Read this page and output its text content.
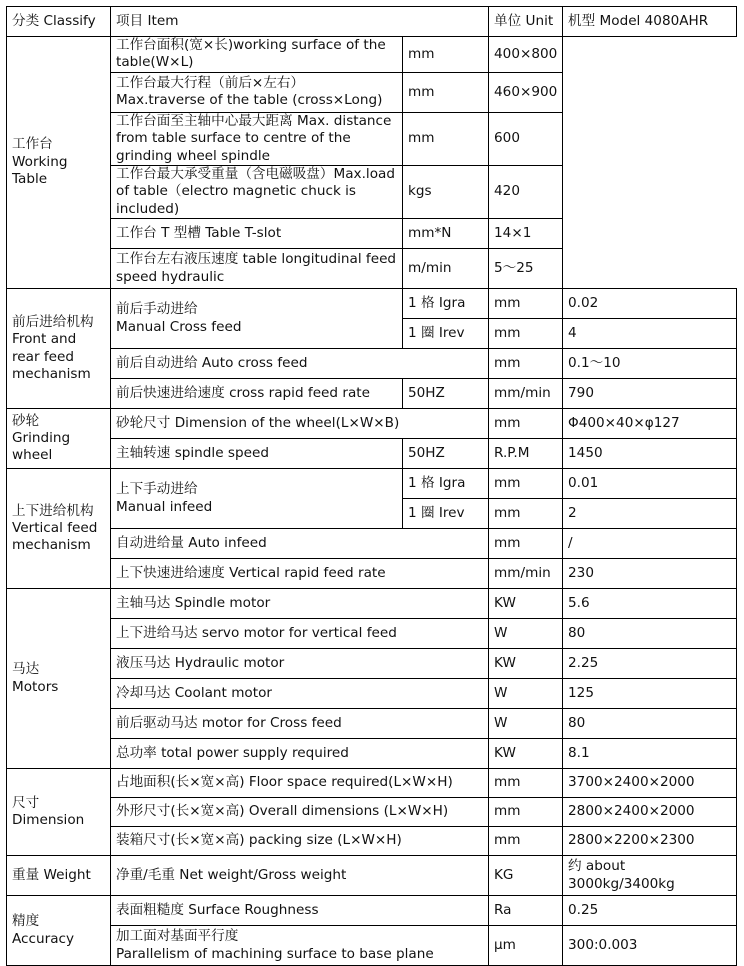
分类 Classify	项目 Item		单位 Unit	机型 Model 4080AHR

工作台
Working
Table	工作台面积(宽×长)working surface of the table(W×L)	mm	400×800	
	工作台最大行程（前后×左右）
Max.traverse of the table (cross×Long)	mm	460×900	
	工作台面至主轴中心最大距离 Max. distance from table surface to centre of the grinding wheel spindle	mm	600	
	工作台最大承受重量（含电磁吸盘）Max.load of table（electro magnetic chuck is included)	kgs	420	
	工作台 T 型槽 Table T-slot	mm*N	14×1	
	工作台左右液压速度 table longitudinal feed speed hydraulic	m/min	5～25	

前后进给机构
Front and
rear feed
mechanism	前后手动进给
Manual Cross feed	1 格 Igra	mm	0.02
		1 圈 Irev	mm	4
	前后自动进给 Auto cross feed		mm	0.1～10
	前后快速进给速度 cross rapid feed rate	50HZ	mm/min	790

砂轮
Grinding
wheel	砂轮尺寸 Dimension of the wheel(L×W×B)		mm	Φ400×40×φ127
	主轴转速 spindle speed	50HZ	R.P.M	1450

上下进给机构
Vertical feed
mechanism	上下手动进给
Manual infeed	1 格 Igra	mm	0.01
		1 圈 Irev	mm	2
	自动进给量 Auto infeed		mm	/
	上下快速进给速度 Vertical rapid feed rate		mm/min	230

马达
Motors	主轴马达 Spindle motor		KW	5.6
	上下进给马达 servo motor for vertical feed		W	80
	液压马达 Hydraulic motor		KW	2.25
	冷却马达 Coolant motor		W	125
	前后驱动马达 motor for Cross feed		W	80
	总功率 total power supply required		KW	8.1

尺寸
Dimension	占地面积(长×宽×高) Floor space required(L×W×H)		mm	3700×2400×2000
	外形尺寸(长×宽×高) Overall dimensions (L×W×H)		mm	2800×2400×2000
	装箱尺寸(长×宽×高) packing size (L×W×H)		mm	2800×2200×2300

重量 Weight	净重/毛重 Net weight/Gross weight		KG	约 about
3000kg/3400kg

精度
Accuracy	表面粗糙度 Surface Roughness		Ra	0.25
	加工面对基面平行度
Parallelism of machining surface to base plane		µm	300:0.003
